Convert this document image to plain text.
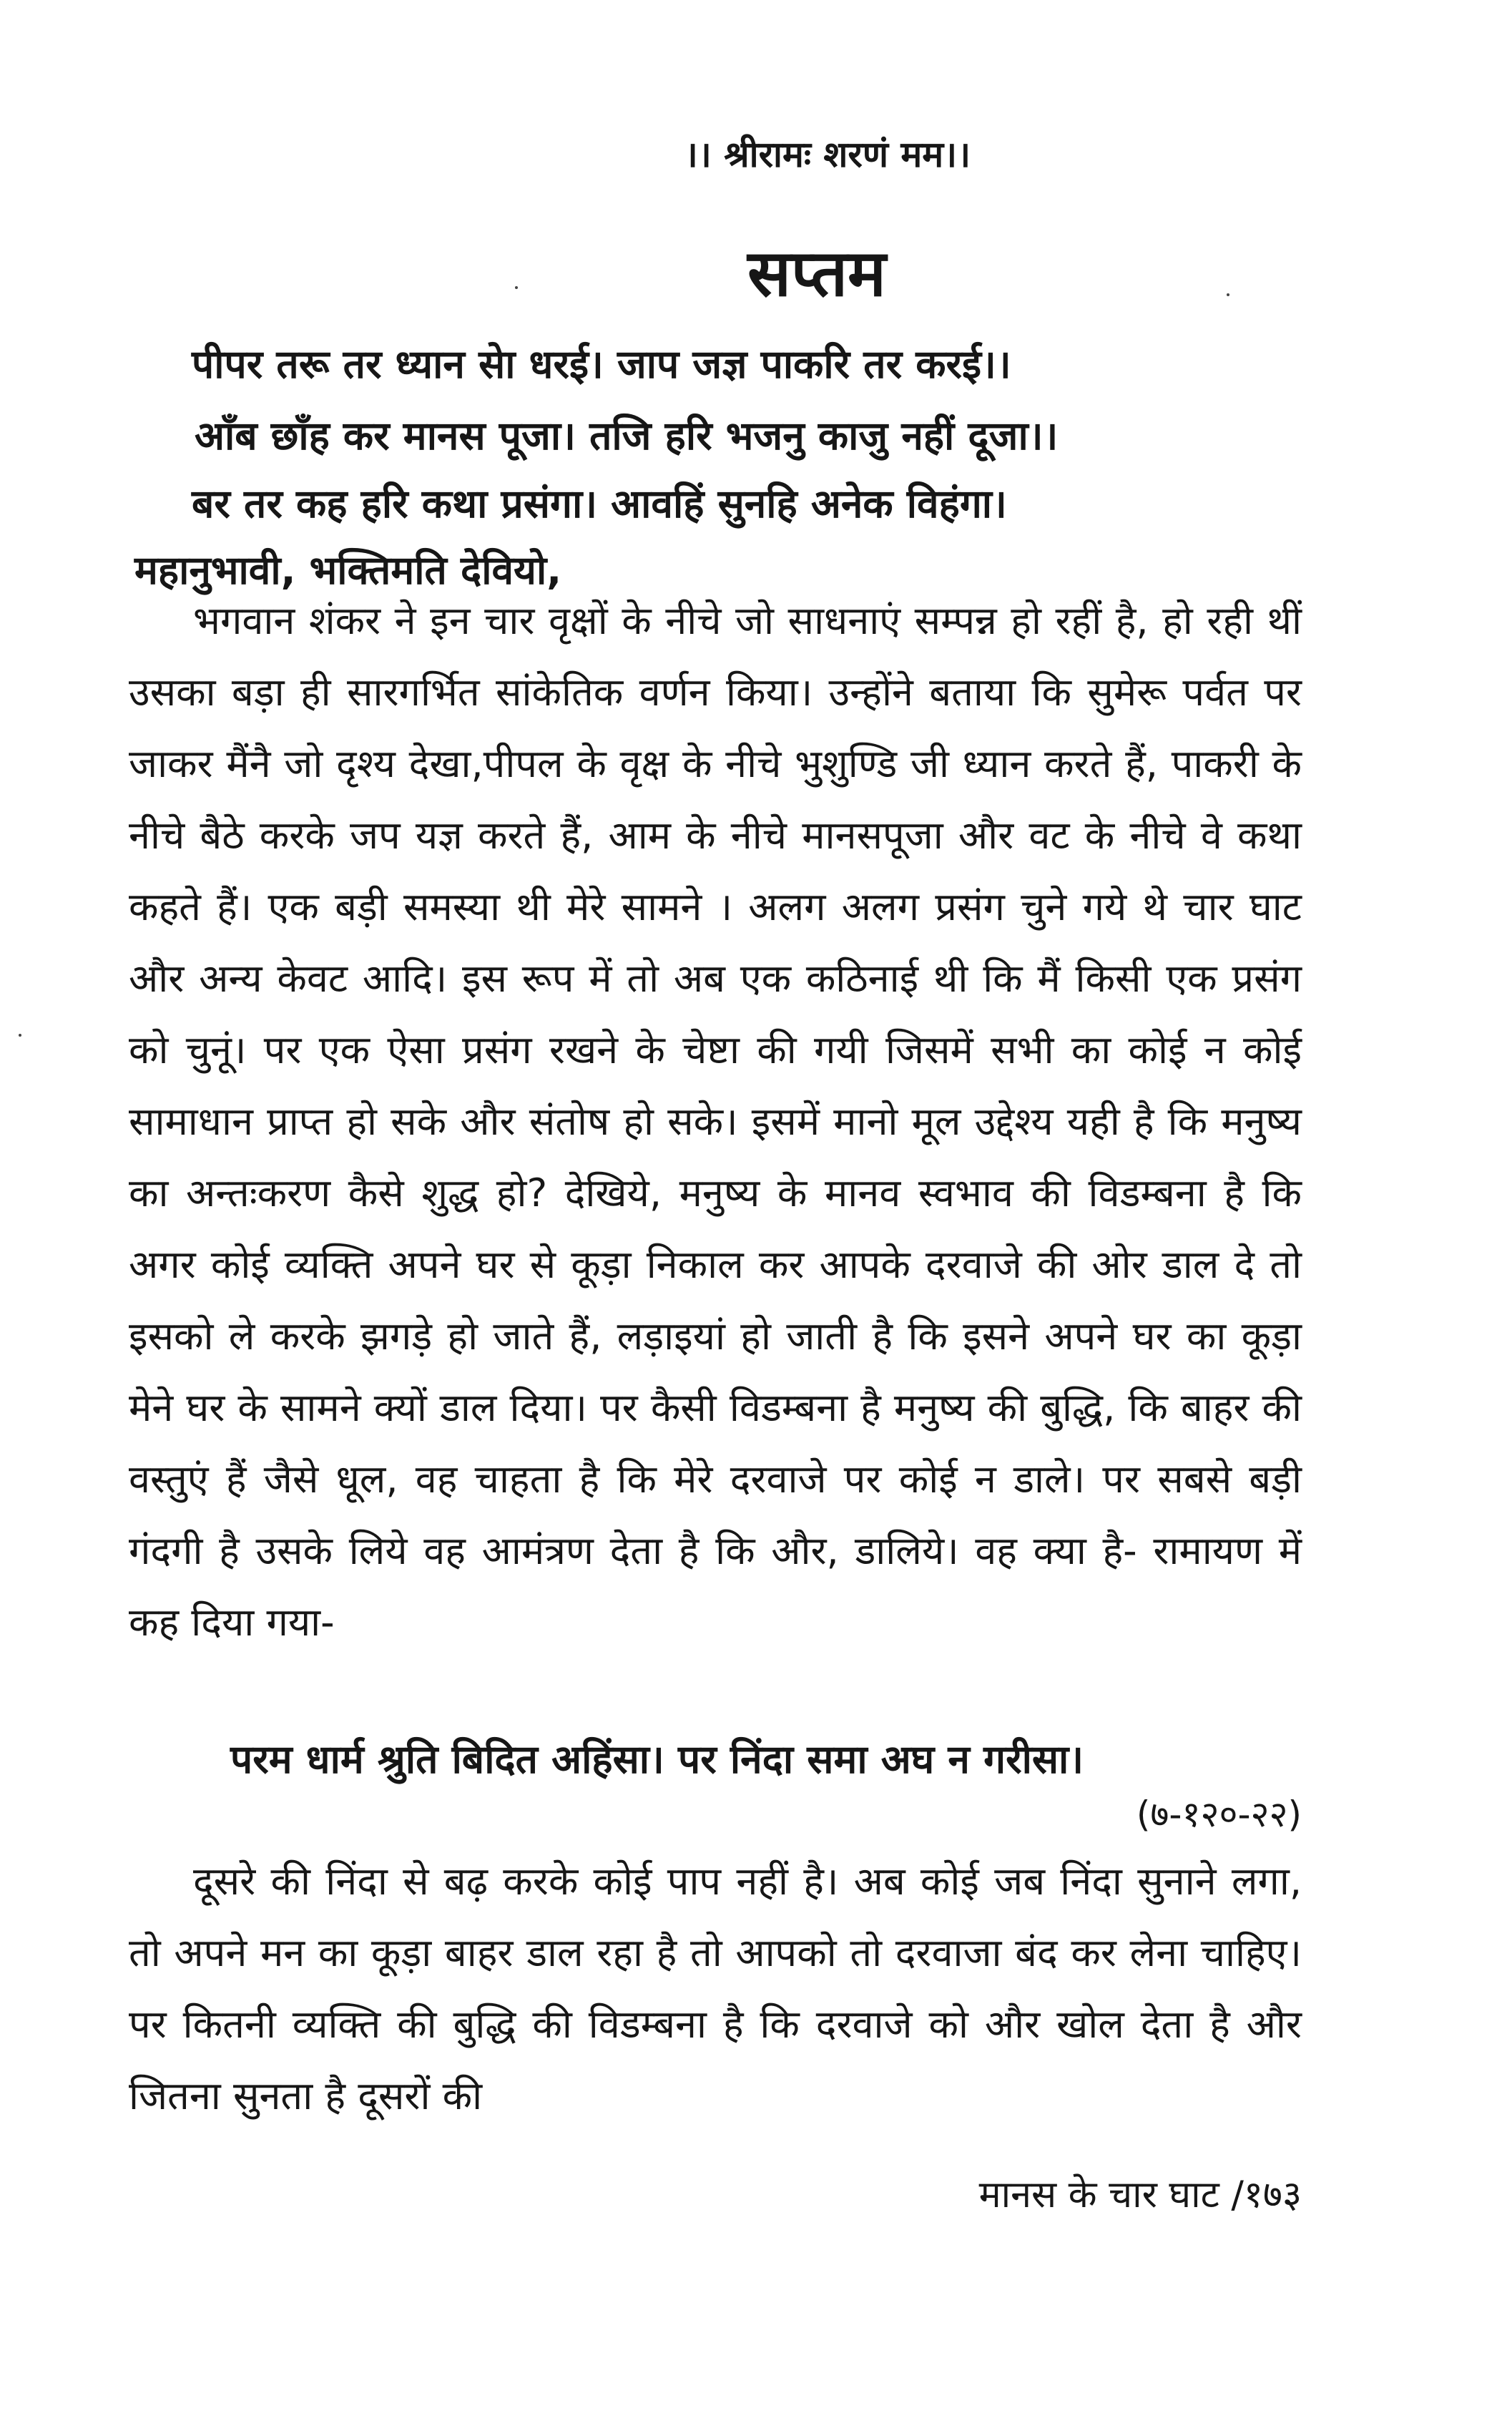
।। श्रीरामः शरणं मम।।
सप्तम
पीपर तरू तर ध्यान सेा धरई। जाप जज्ञ पाकरि तर करई।।
आँब छाँह कर मानस पूजा। तजि हरि भजनु काजु नहीं दूजा।।
बर तर कह हरि कथा प्रसंगा। आवहिं सुनहि अनेक विहंगा।
महानुभावी, भक्तिमति देवियो,

भगवान शंकर ने इन चार वृक्षों के नीचे जो साधनाएं सम्पन्न हो रहीं है, हो रही थीं उसका बड़ा ही सारगर्भित सांकेतिक वर्णन किया। उन्होंने बताया कि सुमेरू पर्वत पर जाकर मैंनै जो दृश्य देखा,पीपल के वृक्ष के नीचे भुशुण्डि जी ध्यान करते हैं, पाकरी के नीचे बैठे करके जप यज्ञ करते हैं, आम के नीचे मानसपूजा और वट के नीचे वे कथा कहते हैं। एक बड़ी समस्या थी मेरे सामने । अलग अलग प्रसंग चुने गये थे चार घाट और अन्य केवट आदि। इस रूप में तो अब एक कठिनाई थी कि मैं किसी एक प्रसंग को चुनूं। पर एक ऐसा प्रसंग रखने के चेष्टा की गयी जिसमें सभी का कोई न कोई सामाधान प्राप्त हो सके और संतोष हो सके। इसमें मानो मूल उद्देश्य यही है कि मनुष्य का अन्तःकरण कैसे शुद्ध हो? देखिये, मनुष्य के मानव स्वभाव की विडम्बना है कि अगर कोई व्यक्ति अपने घर से कूड़ा निकाल कर आपके दरवाजे की ओर डाल दे तो इसको ले करके झगड़े हो जाते हैं, लड़ाइयां हो जाती है कि इसने अपने घर का कूड़ा मेने घर के सामने क्यों डाल दिया। पर कैसी विडम्बना है मनुष्य की बुद्धि, कि बाहर की वस्तुएं हैं जैसे धूल, वह चाहता है कि मेरे दरवाजे पर कोई न डाले। पर सबसे बड़ी गंदगी है उसके लिये वह आमंत्रण देता है कि और, डालिये। वह क्या है- रामायण में कह दिया गया-

परम धार्म श्रुति बिदित अहिंसा। पर निंदा समा अघ न गरीसा।
(७-१२०-२२)

दूसरे की निंदा से बढ़ करके कोई पाप नहीं है। अब कोई जब निंदा सुनाने लगा, तो अपने मन का कूड़ा बाहर डाल रहा है तो आपको तो दरवाजा बंद कर लेना चाहिए। पर कितनी व्यक्ति की बुद्धि की विडम्बना है कि दरवाजे को और खोल देता है और जितना सुनता है दूसरों की

मानस के चार घाट /१७३
